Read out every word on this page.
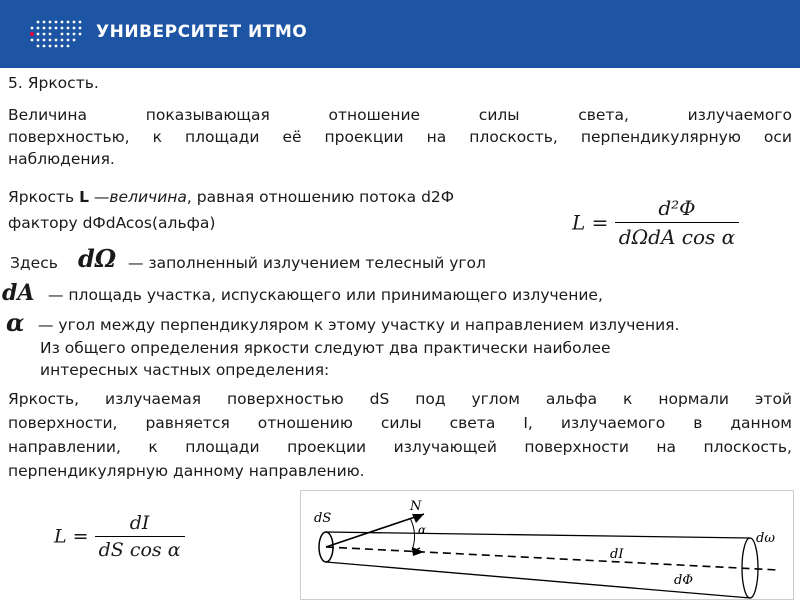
УНИВЕРСИТЕТ ИТМО
5. Яркость.
Величина показывающая отношение силы света, излучаемого
поверхностью, к площади её проекции на плоскость, перпендикулярную оси
наблюдения.
Яркость L —величина, равная отношению потока d2Ф
фактору dФdAcos(альфа)	$L = \frac{\text{d²Φ}}{\text{dΩdA cos α}}$
Здесь dΩ — заполненный излучением телесный угол
dA — площадь участка, испускающего или принимающего излучение,
α — угол между перпендикуляром к этому участку и направлением излучения.
Из общего определения яркости следуют два практически наиболее
интересных частных определения:
Яркость, излучаемая поверхностью dS под углом альфа к нормали этой
поверхности, равняется отношению силы света I, излучаемого в данном
направлении, к площади проекции излучающей поверхности на плоскость,
перпендикулярную данному направлению.
$L = \frac{dI}{\text{dS cos α}}$	dS
N
α
dI
dΦ
dω
